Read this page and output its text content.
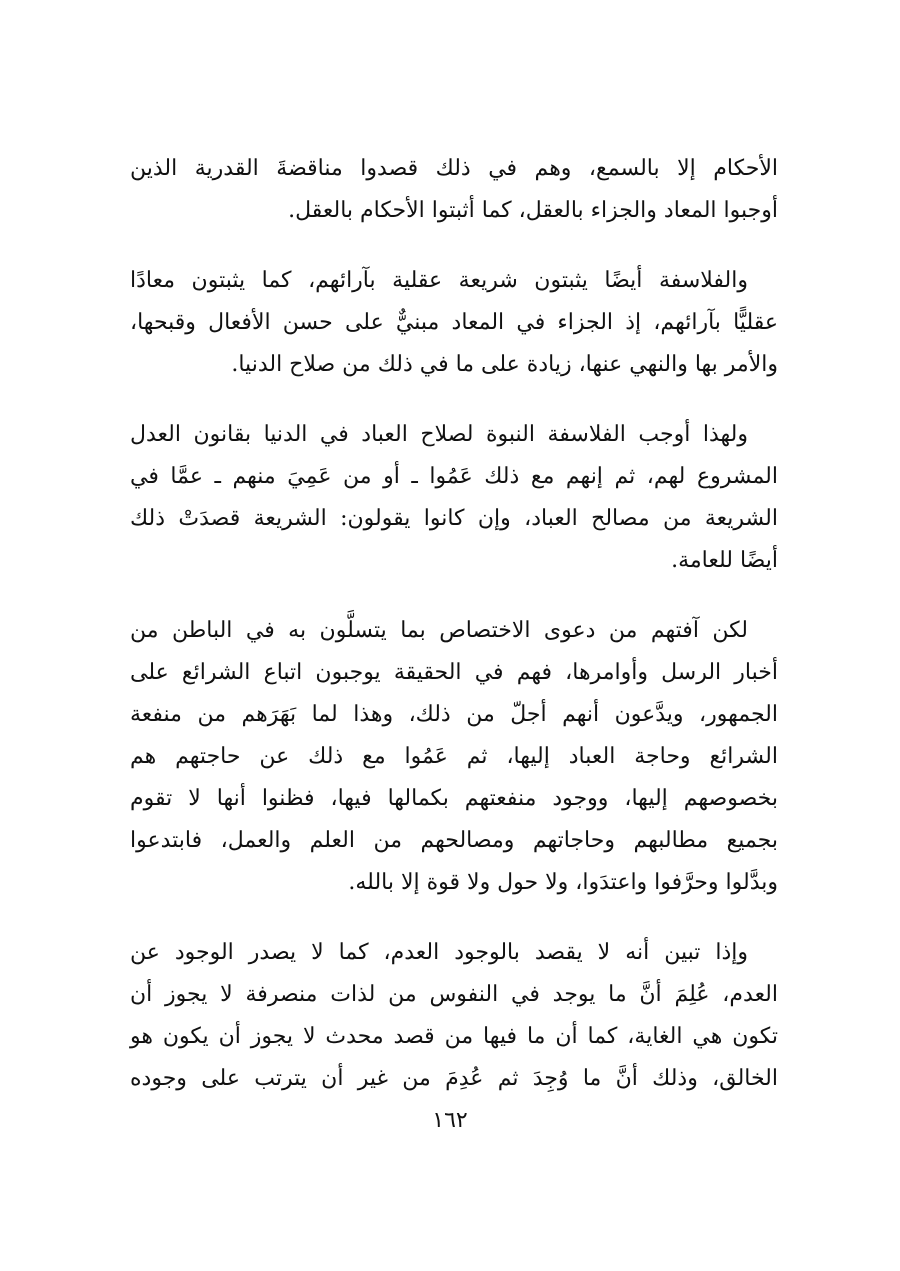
الأحكام إلا بالسمع، وهم في ذلك قصدوا مناقضةَ القدرية الذين
أوجبوا المعاد والجزاء بالعقل، كما أثبتوا الأحكام بالعقل.

والفلاسفة أيضًا يثبتون شريعة عقلية بآرائهم، كما يثبتون معادًا
عقليًّا بآرائهم، إذ الجزاء في المعاد مبنيٌّ على حسن الأفعال وقبحها،
والأمر بها والنهي عنها، زيادة على ما في ذلك من صلاح الدنيا.

ولهذا أوجب الفلاسفة النبوة لصلاح العباد في الدنيا بقانون العدل
المشروع لهم، ثم إنهم مع ذلك عَمُوا ـ أو من عَمِيَ منهم ـ عمَّا في
الشريعة من مصالح العباد، وإن كانوا يقولون: الشريعة قصدَتْ ذلك
أيضًا للعامة.

لكن آفتهم من دعوى الاختصاص بما يتسلَّون به في الباطن من
أخبار الرسل وأوامرها، فهم في الحقيقة يوجبون اتباع الشرائع على
الجمهور، ويدَّعون أنهم أجلّ من ذلك، وهذا لما بَهَرَهم من منفعة
الشرائع وحاجة العباد إليها، ثم عَمُوا مع ذلك عن حاجتهم هم
بخصوصهم إليها، ووجود منفعتهم بكمالها فيها، فظنوا أنها لا تقوم
بجميع مطالبهم وحاجاتهم ومصالحهم من العلم والعمل، فابتدعوا
وبدَّلوا وحرَّفوا واعتدَوا، ولا حول ولا قوة إلا بالله.

وإذا تبين أنه لا يقصد بالوجود العدم، كما لا يصدر الوجود عن
العدم، عُلِمَ أنَّ ما يوجد في النفوس من لذات منصرفة لا يجوز أن
تكون هي الغاية، كما أن ما فيها من قصد محدث لا يجوز أن يكون هو
الخالق، وذلك أنَّ ما وُجِدَ ثم عُدِمَ من غير أن يترتب على وجوده

١٦٢
